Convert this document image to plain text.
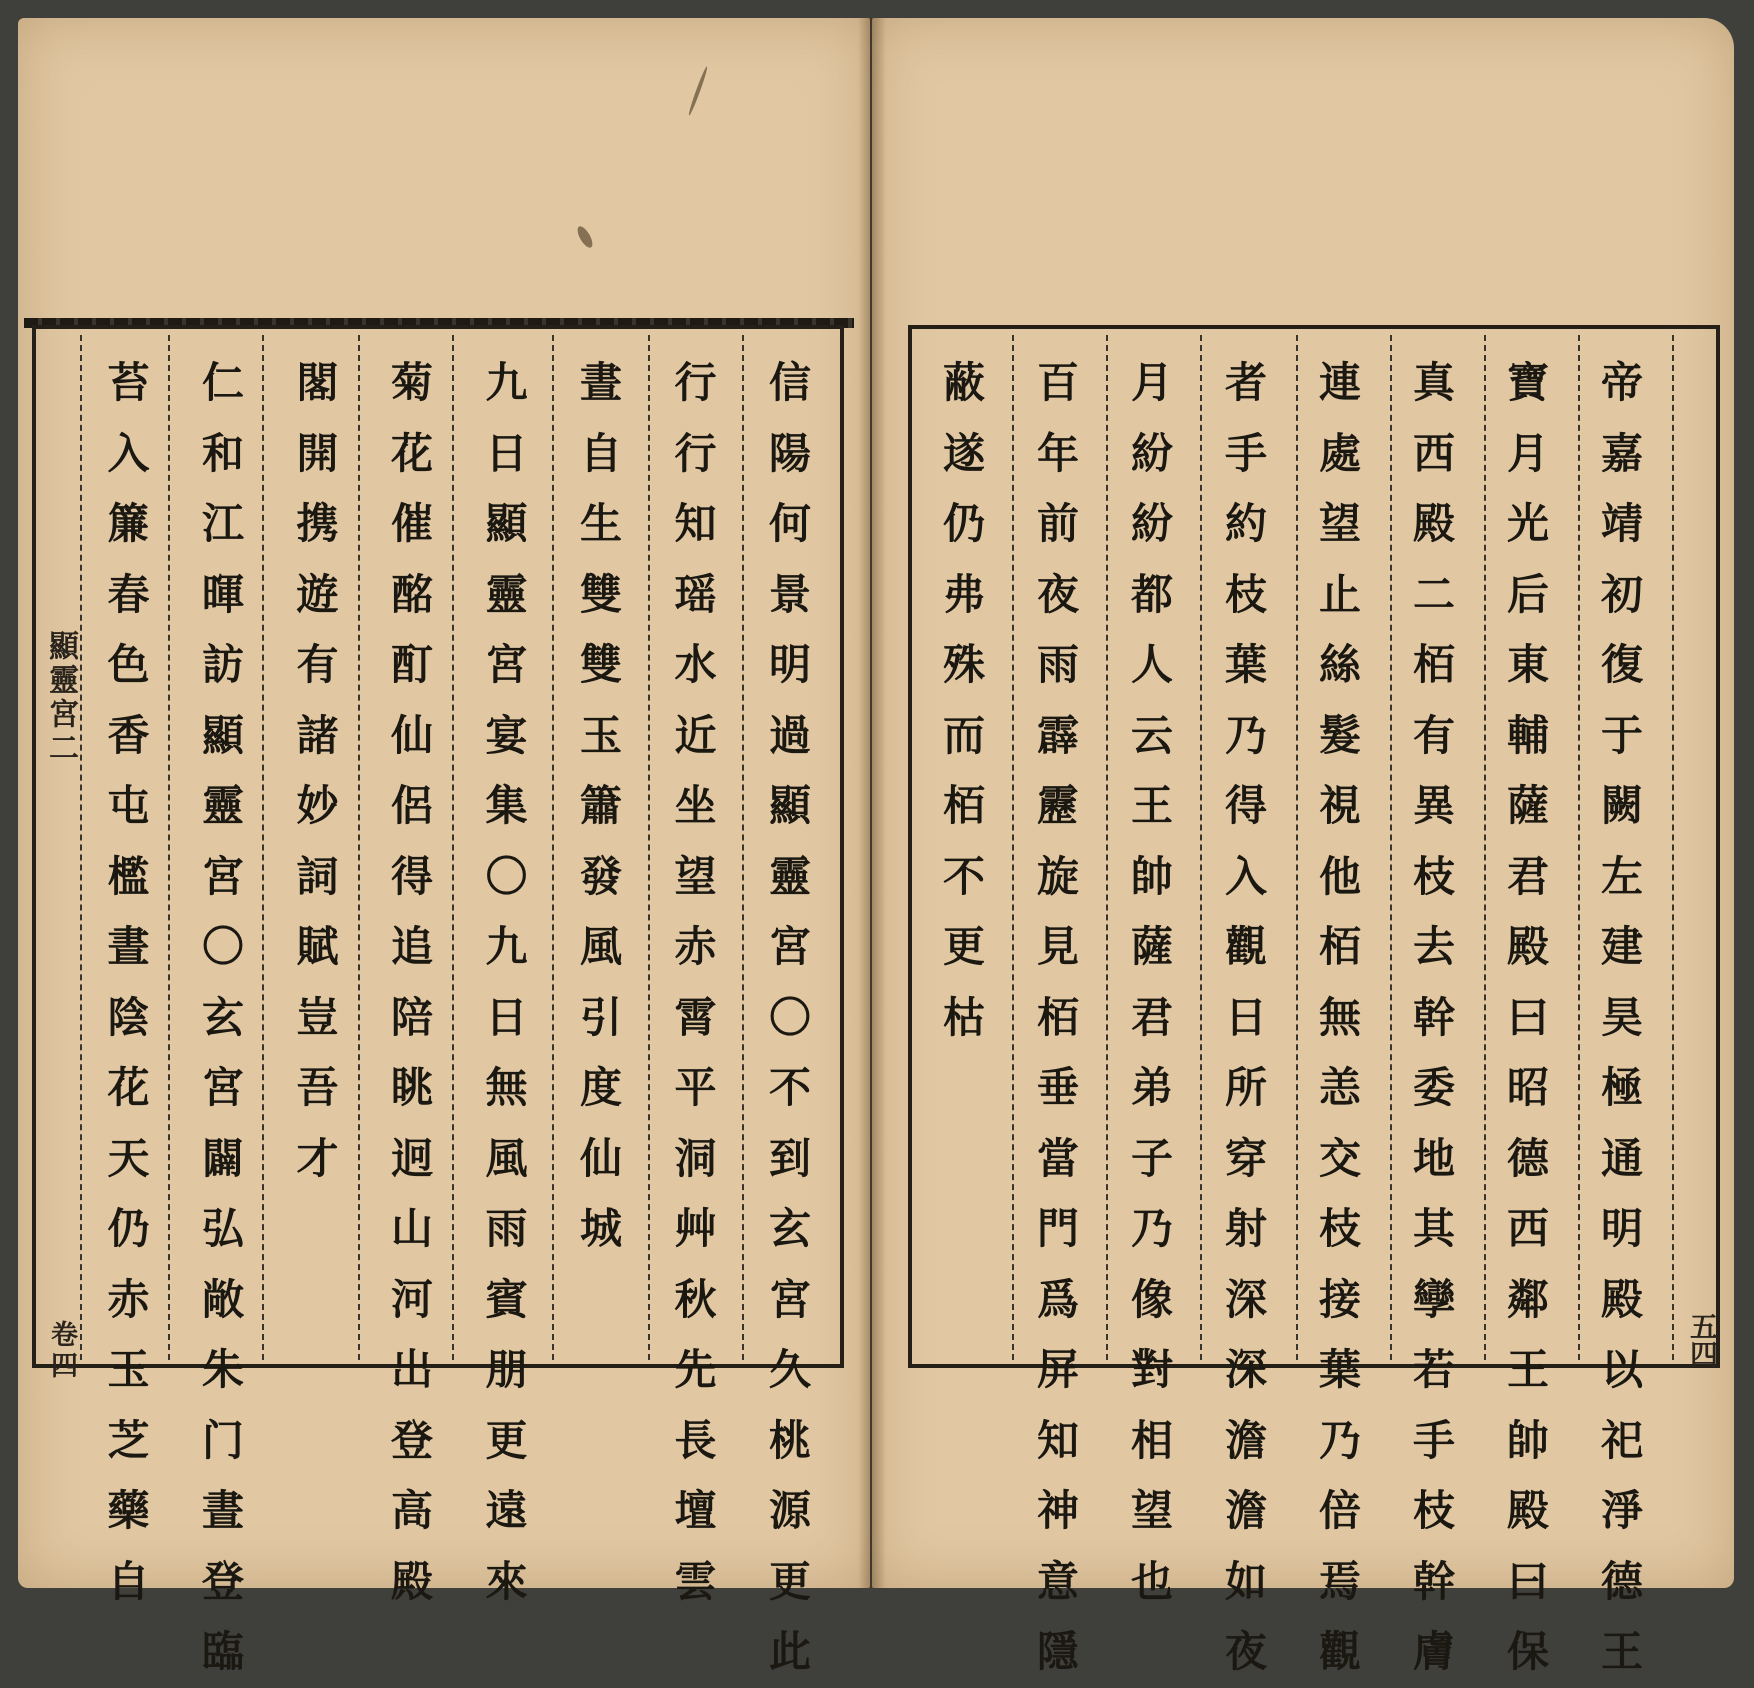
顯靈宮二
卷四	五四
信
陽
何
景
明
過
顯
靈
宮
〇
不
到
玄
宮
久
桃
源
更
此
行
行
知
瑶
水
近
坐
望
赤
霄
平
洞
艸
秋
先
長
壇
雲
晝
自
生
雙
雙
玉
簫
發
風
引
度
仙
城
九
日
顯
靈
宮
宴
集
〇
九
日
無
風
雨
賓
朋
更
遠
來
菊
花
催
酩
酊
仙
侶
得
追
陪
眺
迥
山
河
出
登
高
殿
閣
開
携
遊
有
諸
妙
詞
賦
豈
吾
才
仁
和
江
暉
訪
顯
靈
宮
〇
玄
宮
闢
弘
敞
朱
门
晝
登
臨
苔
入
簾
春
色
香
屯
檻
晝
陰
花
天
仍
赤
玉
芝
藥
自
帝
嘉
靖
初
復
于
闕
左
建
昊
極
通
明
殿
以
祀
淨
德
王
寶
月
光
后
東
輔
薩
君
殿
曰
昭
德
西
鄰
王
帥
殿
曰
保
真
西
殿
二
栢
有
異
枝
去
幹
委
地
其
孿
若
手
枝
幹
膚
連
處
望
止
絲
髮
視
他
栢
無
恙
交
枝
接
葉
乃
倍
焉
觀
者
手
約
枝
葉
乃
得
入
觀
日
所
穿
射
深
深
澹
澹
如
夜
月
紛
紛
都
人
云
王
帥
薩
君
弟
子
乃
像
對
相
望
也
百
年
前
夜
雨
霹
靂
旋
見
栢
垂
當
門
爲
屏
知
神
意
隱
蔽
遂
仍
弗
殊
而
栢
不
更
枯
